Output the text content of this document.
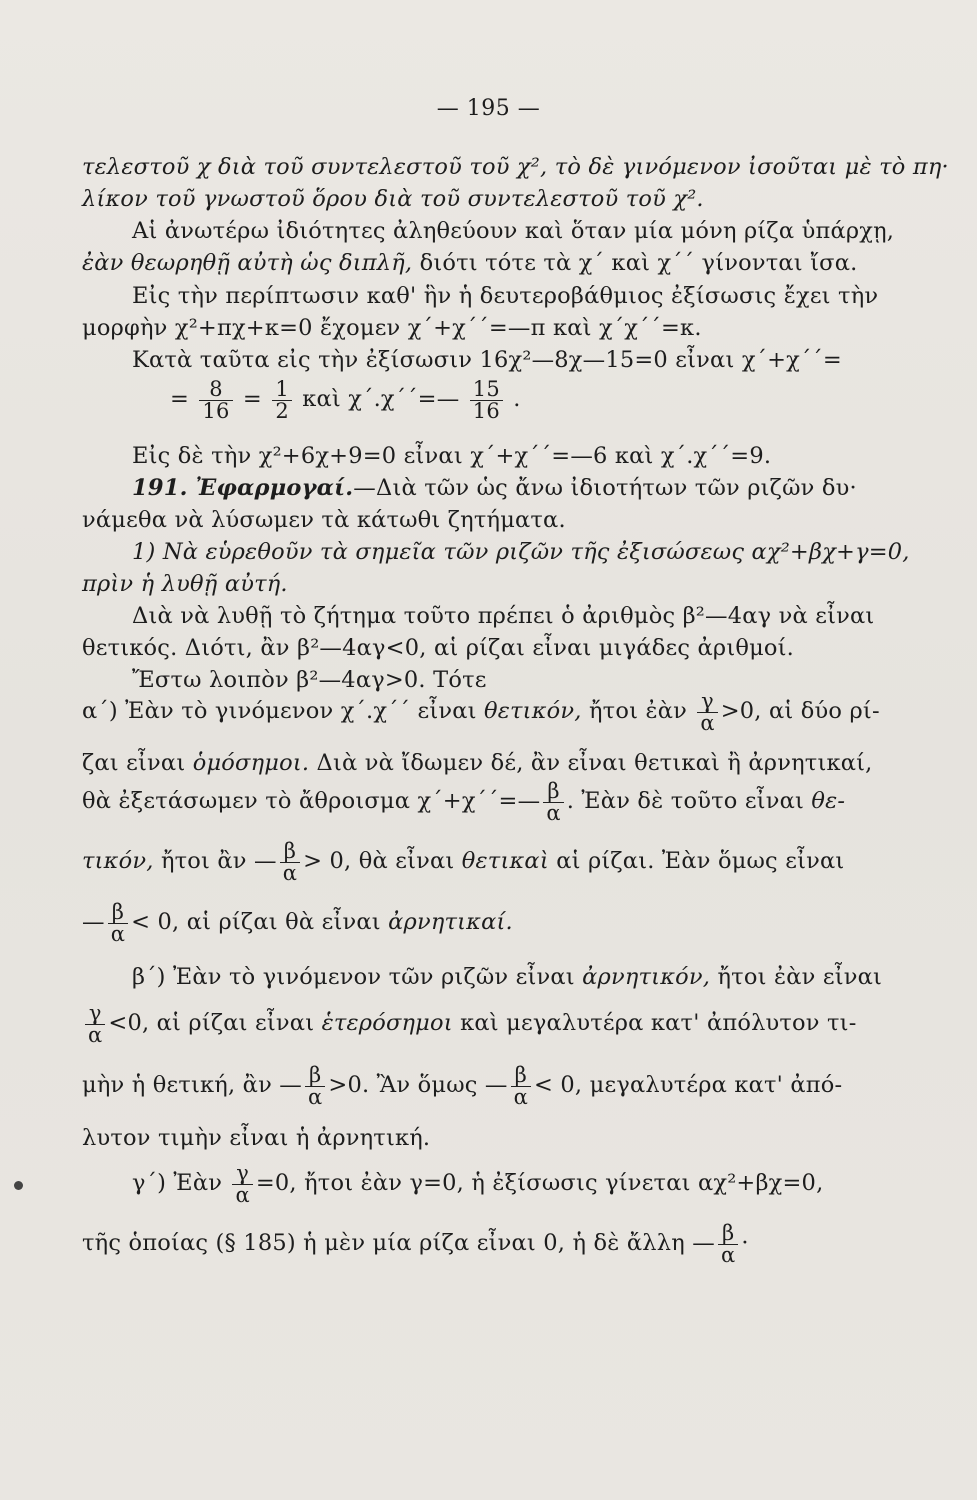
— 195 —
τελεστοῦ χ διὰ τοῦ συντελεστοῦ τοῦ χ², τὸ δὲ γινόμενον ἰσοῦται μὲ τὸ πη·
λίκον τοῦ γνωστοῦ ὅρου διὰ τοῦ συντελεστοῦ τοῦ χ².
Αἱ ἀνωτέρω ἰδιότητες ἀληθεύουν καὶ ὅταν μία μόνη ρίζα ὑπάρχῃ,
ἐὰν θεωρηθῇ αὐτὴ ὡς διπλῆ, διότι τότε τὰ χ΄ καὶ χ΄΄ γίνονται ἴσα.
Εἰς τὴν περίπτωσιν καθ' ἣν ἡ δευτεροβάθμιος ἐξίσωσις ἔχει τὴν
μορφὴν χ²+πχ+κ=0 ἔχομεν χ΄+χ΄΄=—π καὶ χ΄χ΄΄=κ.
Κατὰ ταῦτα εἰς τὴν ἐξίσωσιν 16χ²—8χ—15=0 εἶναι χ΄+χ΄΄=
= $\frac{8}{16} = \frac{1}{2}$ καὶ χ΄.χ΄΄=— $\frac{15}{16}$ .
Εἰς δὲ τὴν χ²+6χ+9=0 εἶναι χ΄+χ΄΄=—6 καὶ χ΄.χ΄΄=9.
191. Ἐφαρμογαί.—Διὰ τῶν ὡς ἄνω ἰδιοτήτων τῶν ριζῶν δυ·
νάμεθα νὰ λύσωμεν τὰ κάτωθι ζητήματα.
1) Νὰ εὑρεθοῦν τὰ σημεῖα τῶν ριζῶν τῆς ἐξισώσεως αχ²+βχ+γ=0,
πρὶν ἡ λυθῇ αὐτή.
Διὰ νὰ λυθῇ τὸ ζήτημα τοῦτο πρέπει ὁ ἀριθμὸς β²—4αγ νὰ εἶναι
θετικός. Διότι, ἂν β²—4αγ<0, αἱ ρίζαι εἶναι μιγάδες ἀριθμοί.
Ἔστω λοιπὸν β²—4αγ>0. Τότε
α΄) Ἐὰν τὸ γινόμενον χ΄.χ΄΄ εἶναι θετικόν, ἤτοι ἐὰν $\frac{\gamma}{\alpha} >0$, αἱ δύο ρί-
ζαι εἶναι ὁμόσημοι. Διὰ νὰ ἴδωμεν δέ, ἂν εἶναι θετικαὶ ἢ ἀρνητικαί,
θὰ ἐξετάσωμεν τὸ ἄθροισμα χ΄+χ΄΄=— $\frac{\beta}{\alpha}$ . Ἐὰν δὲ τοῦτο εἶναι θε-
τικόν, ἤτοι ἂν — $\frac{\beta}{\alpha} > 0$, θὰ εἶναι θετικαὶ αἱ ρίζαι. Ἐὰν ὅμως εἶναι
— $\frac{\beta}{\alpha} < 0$, αἱ ρίζαι θὰ εἶναι ἀρνητικαί.
β΄) Ἐὰν τὸ γινόμενον τῶν ριζῶν εἶναι ἀρνητικόν, ἤτοι ἐὰν εἶναι
$\frac{\gamma}{\alpha} <0$, αἱ ρίζαι εἶναι ἑτερόσημοι καὶ μεγαλυτέρα κατ' ἀπόλυτον τι-
μὴν ἡ θετική, ἂν — $\frac{\beta}{\alpha} >0$. Ἂν ὅμως — $\frac{\beta}{\alpha} < 0$, μεγαλυτέρα κατ' ἀπό-
λυτον τιμὴν εἶναι ἡ ἀρνητική.
γ΄) Ἐὰν $\frac{\gamma}{\alpha} =0$, ἤτοι ἐὰν γ=0, ἡ ἐξίσωσις γίνεται αχ²+βχ=0,
τῆς ὁποίας (§ 185) ἡ μὲν μία ρίζα εἶναι 0, ἡ δὲ ἄλλη — $\frac{\beta}{\alpha}$ ·
